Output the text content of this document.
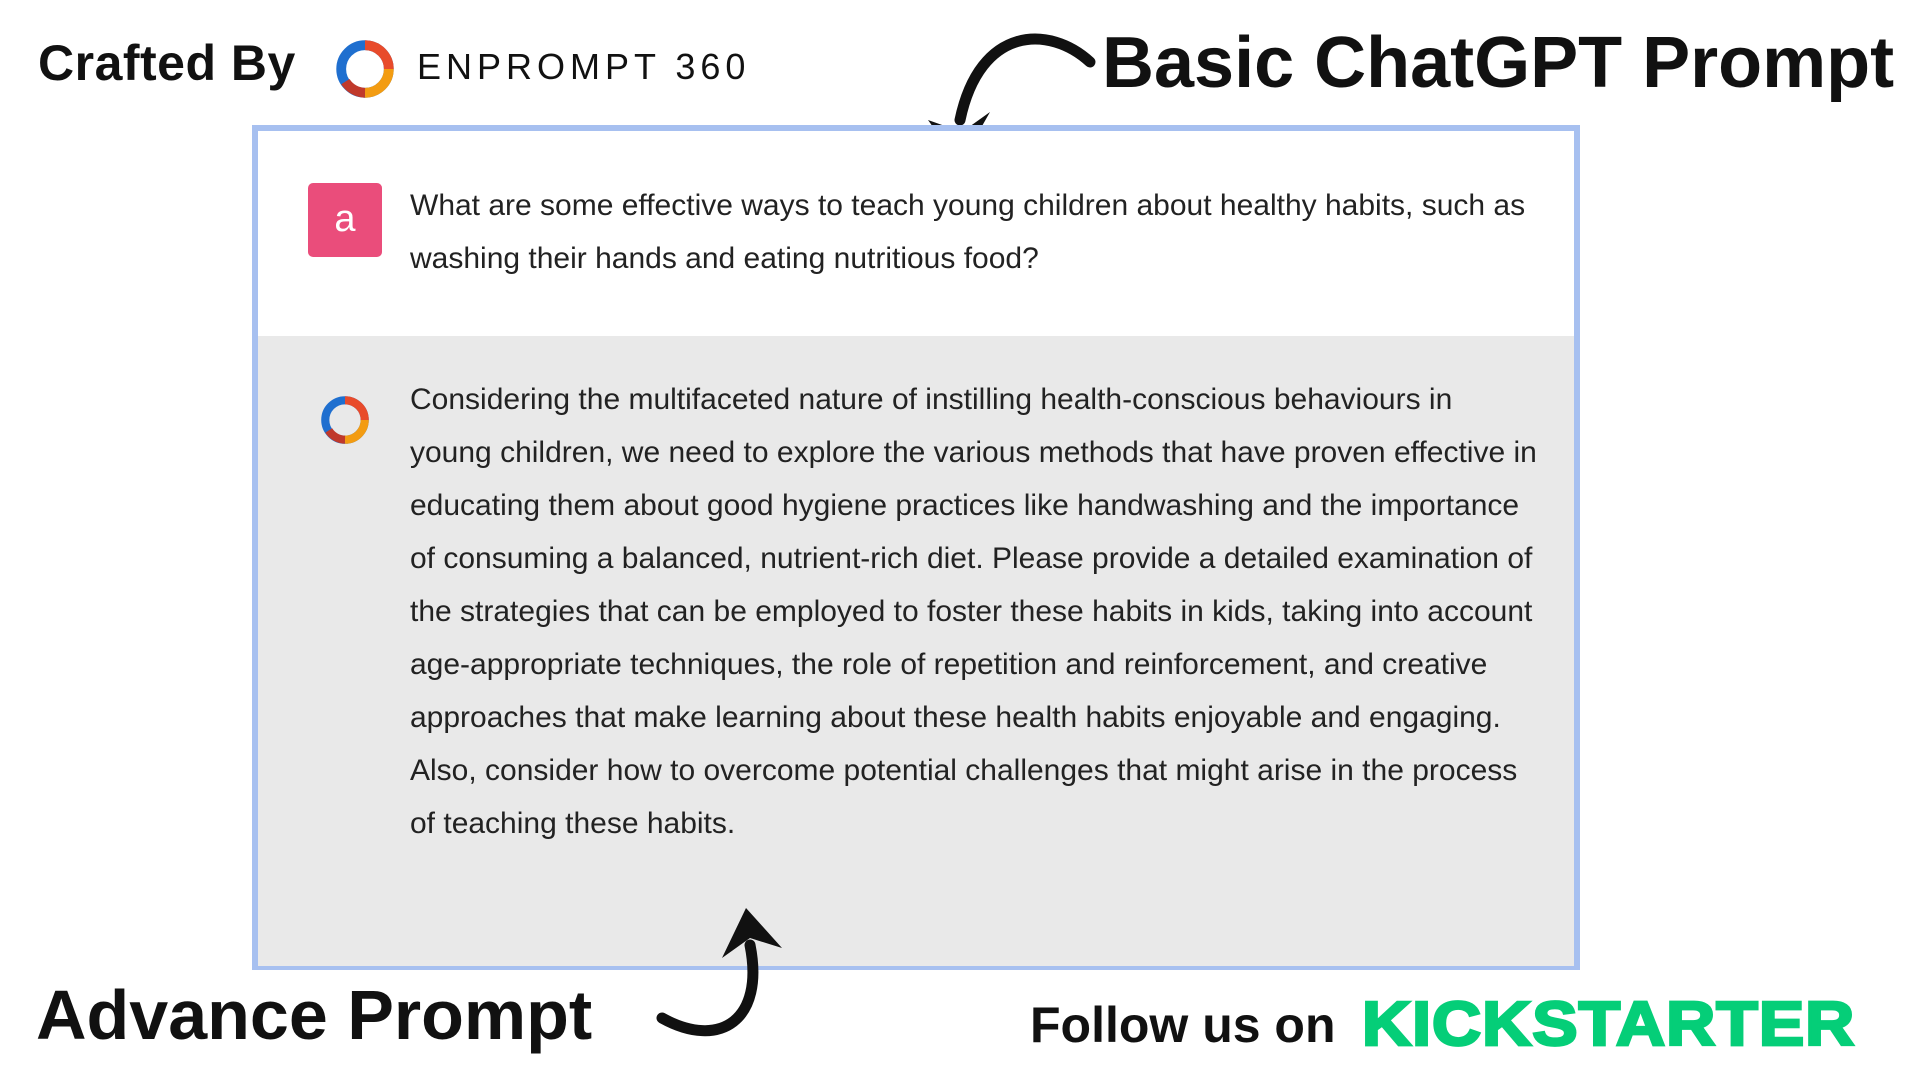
Crafted By	ENPROMPT 360	Basic ChatGPT Prompt
a	What are some effective ways to teach young children about healthy habits, such as washing their hands and eating nutritious food?
Considering the multifaceted nature of instilling health-conscious behaviours in young children, we need to explore the various methods that have proven effective in educating them about good hygiene practices like handwashing and the importance of consuming a balanced, nutrient-rich diet. Please provide a detailed examination of the strategies that can be employed to foster these habits in kids, taking into account age-appropriate techniques, the role of repetition and reinforcement, and creative approaches that make learning about these health habits enjoyable and engaging. Also, consider how to overcome potential challenges that might arise in the process of teaching these habits.
Advance Prompt	Follow us on KICKSTARTER
